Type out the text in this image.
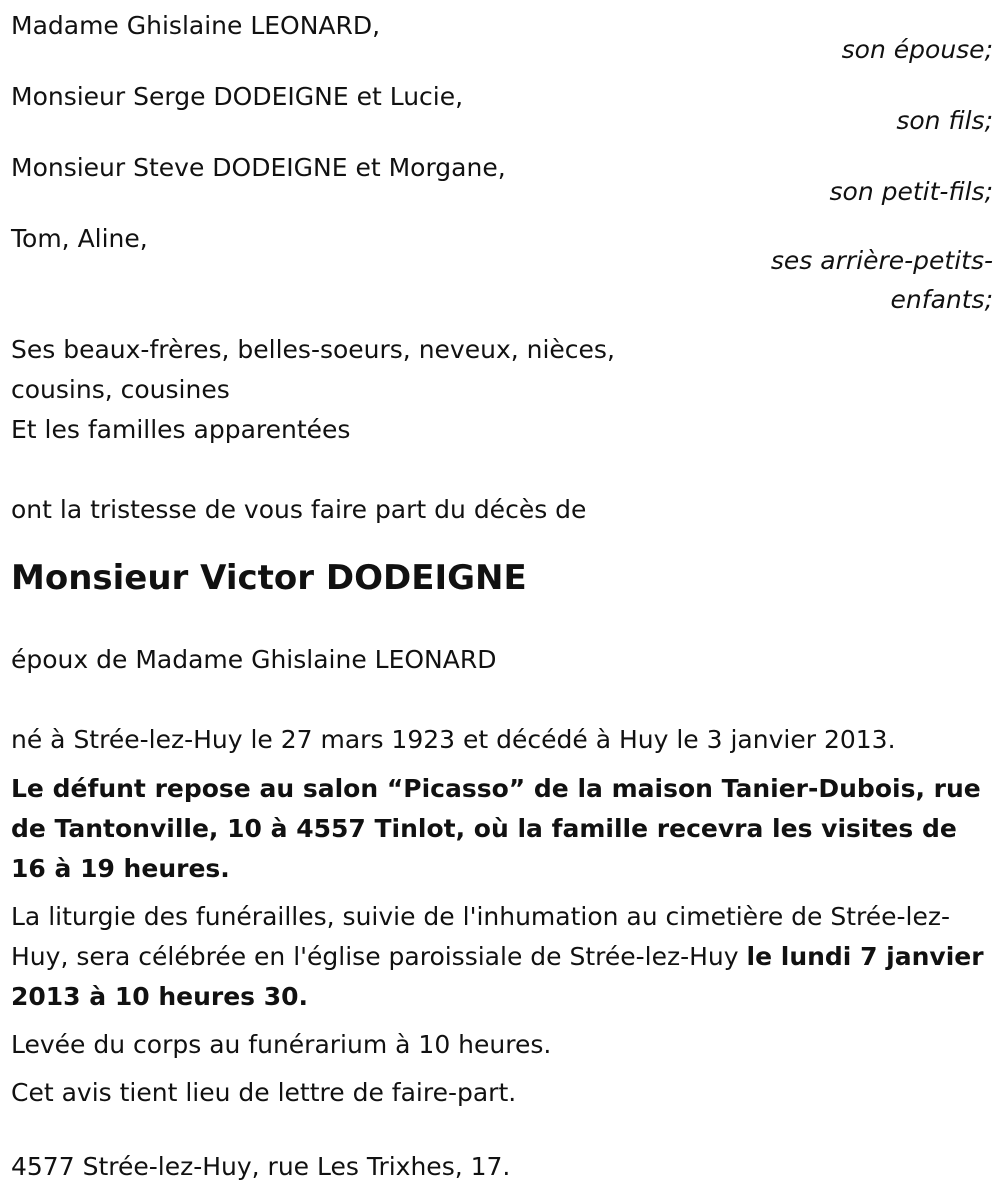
Madame Ghislaine LEONARD,
son épouse;
Monsieur Serge DODEIGNE et Lucie,
son fils;
Monsieur Steve DODEIGNE et Morgane,
son petit-fils;
Tom, Aline,
ses arrière-petits-enfants;
Ses beaux-frères, belles-soeurs, neveux, nièces,
cousins, cousines
Et les familles apparentées
ont la tristesse de vous faire part du décès de
Monsieur Victor DODEIGNE
époux de Madame Ghislaine LEONARD
né à Strée-lez-Huy le 27 mars 1923 et décédé à Huy le 3 janvier 2013.

Le défunt repose au salon “Picasso” de la maison Tanier-Dubois, rue de Tantonville, 10 à 4557 Tinlot, où la famille recevra les visites de 16 à 19 heures.

La liturgie des funérailles, suivie de l'inhumation au cimetière de Strée-lez-Huy, sera célébrée en l'église paroissiale de Strée-lez-Huy le lundi 7 janvier 2013 à 10 heures 30.

Levée du corps au funérarium à 10 heures.

Cet avis tient lieu de lettre de faire-part.

4577 Strée-lez-Huy, rue Les Trixhes, 17.
